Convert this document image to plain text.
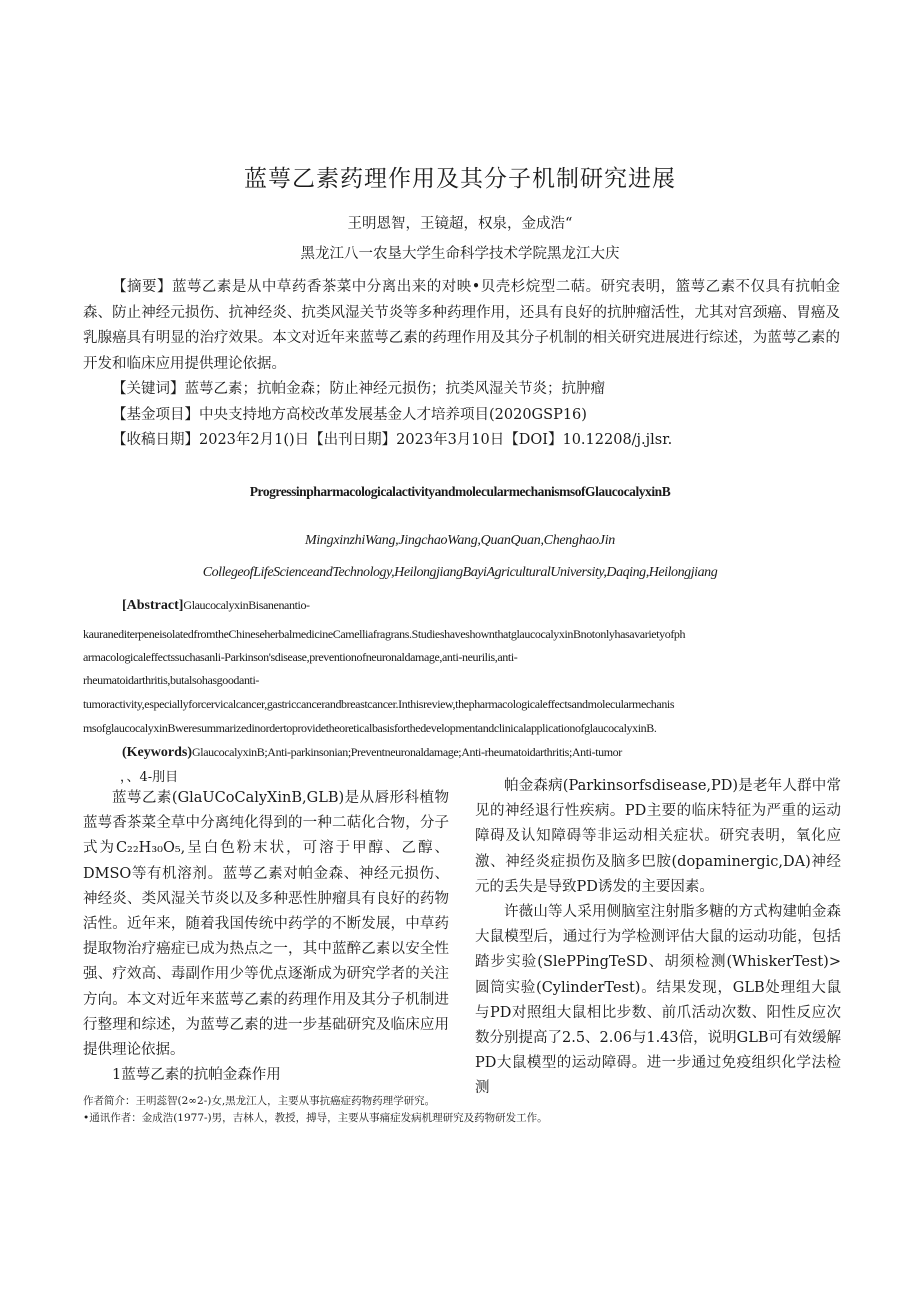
蓝萼乙素药理作用及其分子机制研究进展
王明恩智，王镜超，权泉，金成浩“
黑龙江八一农垦大学生命科学技术学院黑龙江大庆

【摘要】蓝萼乙素是从中草药香茶菜中分离出来的对映•贝壳杉烷型二萜。研究表明，篮萼乙素不仅具有抗帕金森、防止神经元损伤、抗神经炎、抗类风湿关节炎等多种药理作用，还具有良好的抗肿瘤活性，尤其对宫颈癌、胃癌及乳腺癌具有明显的治疗效果。本文对近年来蓝萼乙素的药理作用及其分子机制的相关研究进展进行综述，为蓝萼乙素的开发和临床应用提供理论依据。

【关键词】蓝萼乙素；抗帕金森；防止神经元损伤；抗类风湿关节炎；抗肿瘤
【基金项目】中央支持地方高校改革发展基金人才培养项目(2020GSP16)
【收稿日期】2023年2月1()日【出刊日期】2023年3月10日【DOI】10.12208/j.jlsr.
ProgressinpharmacologicalactivityandmolecularmechanismsofGlaucocalyxinB
MingxinzhiWang,JingchaoWang,QuanQuan,ChenghaoJin
CollegeofLifeScienceandTechnology,HeilongjiangBayiAgriculturalUniversity,Daqing,Heilongjiang
[Abstract]GlaucocalyxinBisanenantio-
kauranediterpeneisolatedfromtheChineseherbalmedicineCamelliafragrans.StudieshaveshownthatglaucocalyxinBnotonlyhasavarietyofph
armacologicaleffectssuchasanli-Parkinson'sdisease,preventionofneuronaldamage,anti-neurilis,anti-
rheumatoidarthritis,butalsohasgoodanti-
tumoractivity,especiallyforcervicalcancer,gastriccancerandbreastcancer.Inthisreview,thepharmacologicaleffectsandmolecularmechanis
msofglaucocalyxinBweresummarizedinordertoprovidetheoreticalbasisforthedevelopmentandclinicalapplicationofglaucocalyxinB.
(Keywords)GlaucocalyxinB;Anti-parkinsonian;Preventneuronaldamage;Anti-rheumatoidarthritis;Anti-tumor
，、4-刖目

蓝萼乙素(GlaUCoCalyXinB,GLB)是从唇形科植物蓝萼香茶菜全草中分离纯化得到的一种二萜化合物，分子式为C₂₂H₃₀O₅,呈白色粉末状，可溶于甲醇、乙醇、DMSO等有机溶剂。蓝萼乙素对帕金森、神经元损伤、神经炎、类风湿关节炎以及多种恶性肿瘤具有良好的药物活性。近年来，随着我国传统中药学的不断发展，中草药提取物治疗癌症已成为热点之一，其中蓝醉乙素以安全性强、疗效高、毒副作用少等优点逐渐成为研究学者的关注方向。本文对近年来蓝萼乙素的药理作用及其分子机制进行整理和综述，为蓝萼乙素的进一步基础研究及临床应用提供理论依据。

1蓝萼乙素的抗帕金森作用

帕金森病(Parkinsorfsdisease,PD)是老年人群中常见的神经退行性疾病。PD主要的临床特征为严重的运动障碍及认知障碍等非运动相关症状。研究表明，氧化应激、神经炎症损伤及脑多巴胺(dopaminergic,DA)神经元的丢失是导致PD诱发的主要因素。

许薇山等人采用侧脑室注射脂多糖的方式构建帕金森大鼠模型后，通过行为学检测评估大鼠的运动功能，包括踏步实验(SlePPingTeSD、胡须检测(WhiskerTest)>圆筒实验(CylinderTest)。结果发现，GLB处理组大鼠与PD对照组大鼠相比步数、前爪活动次数、阳性反应次数分别提高了2.5、2.06与1.43倍，说明GLB可有效缓解PD大鼠模型的运动障碍。进一步通过免疫组织化学法检测

作者简介：王明蕊智(2∞2-)女,黑龙江人，主要从事抗癌症药物药理学研究。
•通讯作者：金成浩(1977-)男，吉林人，教授，搏导，主要从事痛症发病机理研究及药物研发工作。
